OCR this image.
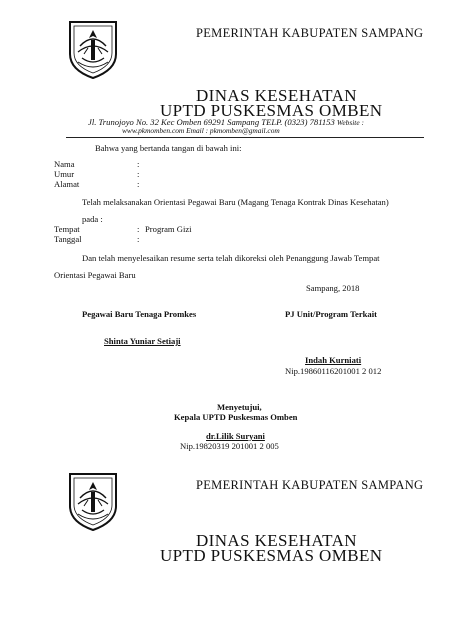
PEMERINTAH KABUPATEN SAMPANG
DINAS KESEHATAN
UPTD PUSKESMAS OMBEN
Jl. Trunojoyo No. 32 Kec Omben 69291 Sampang TELP. (0323) 781153 Website :
www.pkmomben.com Email : pkmomben@gmail.com
Bahwa yang bertanda tangan di bawah ini:
Nama	:
Umur	:
Alamat	:
Telah melaksanakan Orientasi Pegawai Baru (Magang Tenaga Kontrak Dinas Kesehatan)
pada :
Tempat	: Program Gizi
Tanggal	:
Dan telah menyelesaikan resume serta telah dikoreksi oleh Penanggung Jawab Tempat
Orientasi Pegawai Baru
Sampang, 2018
Pegawai Baru Tenaga Promkes	PJ Unit/Program Terkait
Shinta Yuniar Setiaji
Indah Kurniati
Nip.19860116201001 2 012
Menyetujui,
Kepala UPTD Puskesmas Omben
dr.Lilik Suryani
Nip.19820319 201001 2 005
PEMERINTAH KABUPATEN SAMPANG
DINAS KESEHATAN
UPTD PUSKESMAS OMBEN
